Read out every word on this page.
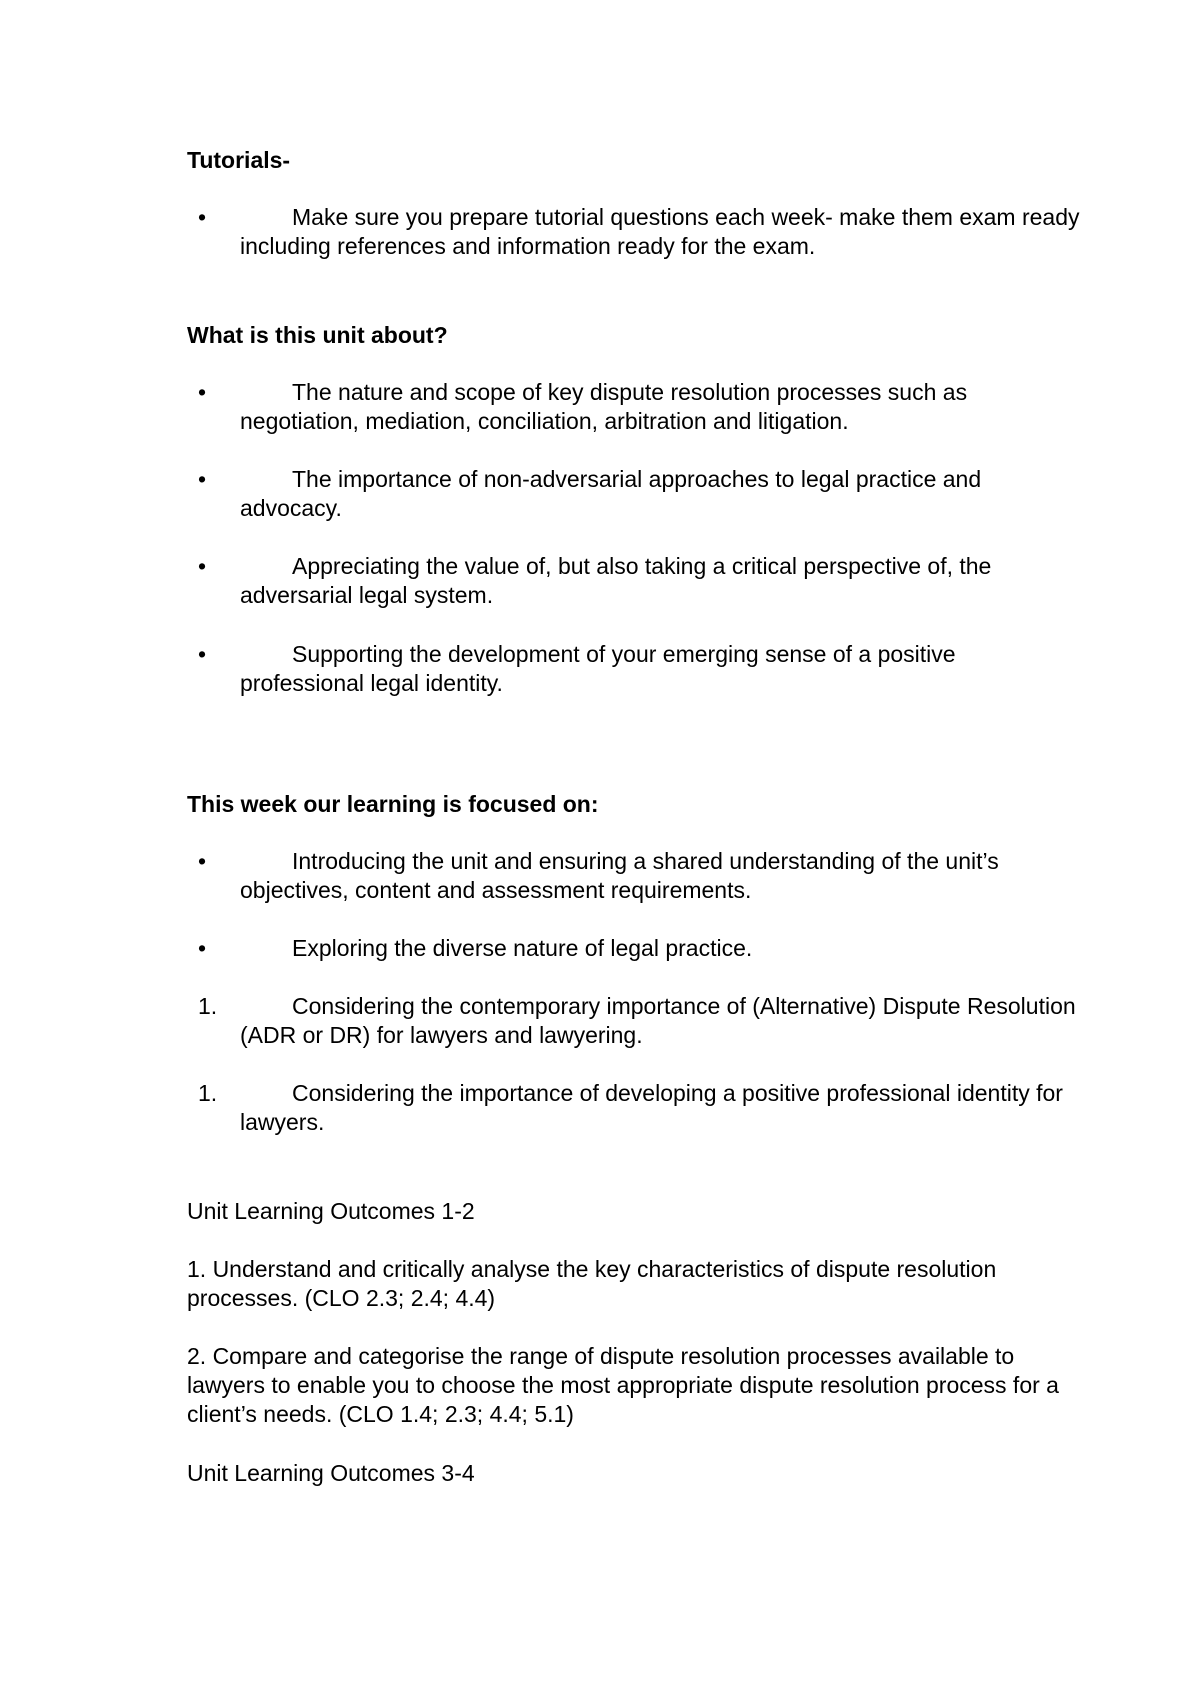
Tutorials-
•	Make sure you prepare tutorial questions each week- make them exam ready including references and information ready for the exam.
What is this unit about?
•	The nature and scope of key dispute resolution processes such as negotiation, mediation, conciliation, arbitration and litigation.
•	The importance of non-adversarial approaches to legal practice and advocacy.
•	Appreciating the value of, but also taking a critical perspective of, the adversarial legal system.
•	Supporting the development of your emerging sense of a positive professional legal identity.
This week our learning is focused on:
•	Introducing the unit and ensuring a shared understanding of the unit’s objectives, content and assessment requirements.
•	Exploring the diverse nature of legal practice.
1.	Considering the contemporary importance of (Alternative) Dispute Resolution (ADR or DR) for lawyers and lawyering.
1.	Considering the importance of developing a positive professional identity for lawyers.

Unit Learning Outcomes 1-2

1. Understand and critically analyse the key characteristics of dispute resolution processes. (CLO 2.3; 2.4; 4.4)

2. Compare and categorise the range of dispute resolution processes available to lawyers to enable you to choose the most appropriate dispute resolution process for a client’s needs. (CLO 1.4; 2.3; 4.4; 5.1)

Unit Learning Outcomes 3-4
